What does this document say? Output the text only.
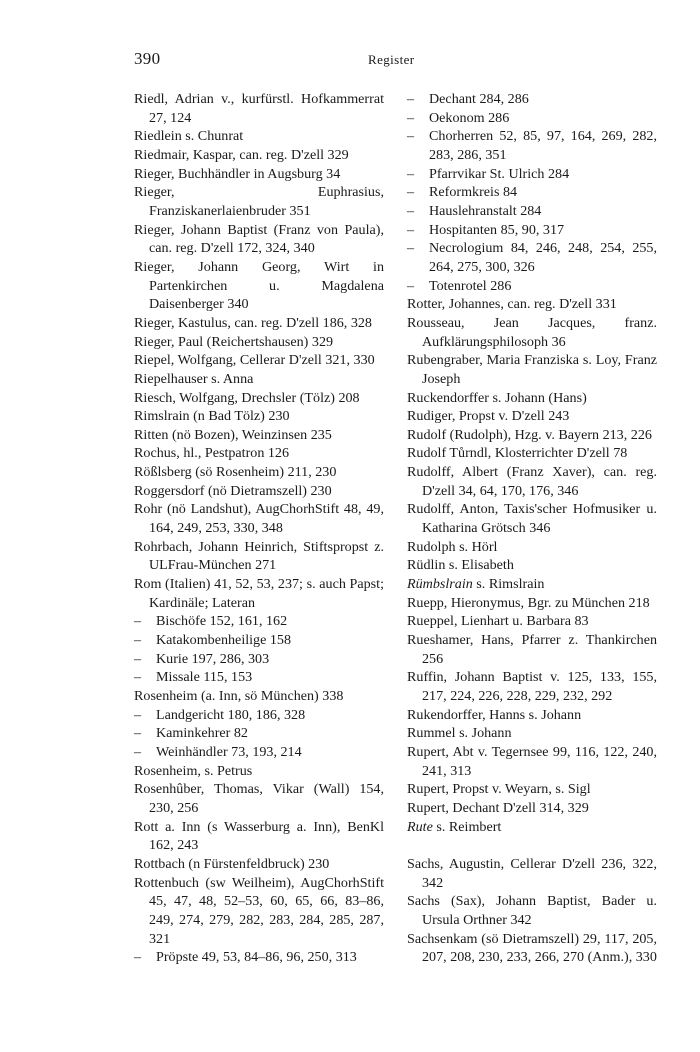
390	Register
Riedl, Adrian v., kurfürstl. Hofkammerrat 27, 124
Riedlein s. Chunrat
Riedmair, Kaspar, can. reg. D'zell 329
Rieger, Buchhändler in Augsburg 34
Rieger, Euphrasius, Franziskanerlaienbruder 351
Rieger, Johann Baptist (Franz von Paula), can. reg. D'zell 172, 324, 340
Rieger, Johann Georg, Wirt in Partenkirchen u. Magdalena Daisenberger 340
Rieger, Kastulus, can. reg. D'zell 186, 328
Rieger, Paul (Reichertshausen) 329
Riepel, Wolfgang, Cellerar D'zell 321, 330
Riepelhauser s. Anna
Riesch, Wolfgang, Drechsler (Tölz) 208
Rimslrain (n Bad Tölz) 230
Ritten (nö Bozen), Weinzinsen 235
Rochus, hl., Pestpatron 126
Rößlsberg (sö Rosenheim) 211, 230
Roggersdorf (nö Dietramszell) 230
Rohr (nö Landshut), AugChorhStift 48, 49, 164, 249, 253, 330, 348
Rohrbach, Johann Heinrich, Stiftspropst z. ULFrau-München 271
Rom (Italien) 41, 52, 53, 237; s. auch Papst; Kardinäle; Lateran
– Bischöfe 152, 161, 162
– Katakombenheilige 158
– Kurie 197, 286, 303
– Missale 115, 153
Rosenheim (a. Inn, sö München) 338
– Landgericht 180, 186, 328
– Kaminkehrer 82
– Weinhändler 73, 193, 214
Rosenheim, s. Petrus
Rosenhûber, Thomas, Vikar (Wall) 154, 230, 256
Rott a. Inn (s Wasserburg a. Inn), BenKl 162, 243
Rottbach (n Fürstenfeldbruck) 230
Rottenbuch (sw Weilheim), AugChorhStift 45, 47, 48, 52–53, 60, 65, 66, 83–86, 249, 274, 279, 282, 283, 284, 285, 287, 321
– Pröpste 49, 53, 84–86, 96, 250, 313
– Dechant 284, 286
– Oekonom 286
– Chorherren 52, 85, 97, 164, 269, 282, 283, 286, 351
– Pfarrvikar St. Ulrich 284
– Reformkreis 84
– Hauslehranstalt 284
– Hospitanten 85, 90, 317
– Necrologium 84, 246, 248, 254, 255, 264, 275, 300, 326
– Totenrotel 286
Rotter, Johannes, can. reg. D'zell 331
Rousseau, Jean Jacques, franz. Aufklärungsphilosoph 36
Rubengraber, Maria Franziska s. Loy, Franz Joseph
Ruckendorffer s. Johann (Hans)
Rudiger, Propst v. D'zell 243
Rudolf (Rudolph), Hzg. v. Bayern 213, 226
Rudolf Tůrndl, Klosterrichter D'zell 78
Rudolff, Albert (Franz Xaver), can. reg. D'zell 34, 64, 170, 176, 346
Rudolff, Anton, Taxis'scher Hofmusiker u. Katharina Grötsch 346
Rudolph s. Hörl
Rüdlin s. Elisabeth
Rümbslrain s. Rimslrain
Ruepp, Hieronymus, Bgr. zu München 218
Rueppel, Lienhart u. Barbara 83
Rueshamer, Hans, Pfarrer z. Thankirchen 256
Ruffin, Johann Baptist v. 125, 133, 155, 217, 224, 226, 228, 229, 232, 292
Rukendorffer, Hanns s. Johann
Rummel s. Johann
Rupert, Abt v. Tegernsee 99, 116, 122, 240, 241, 313
Rupert, Propst v. Weyarn, s. Sigl
Rupert, Dechant D'zell 314, 329
Rute s. Reimbert
Sachs, Augustin, Cellerar D'zell 236, 322, 342
Sachs (Sax), Johann Baptist, Bader u. Ursula Orthner 342
Sachsenkam (sö Dietramszell) 29, 117, 205, 207, 208, 230, 233, 266, 270 (Anm.), 330
